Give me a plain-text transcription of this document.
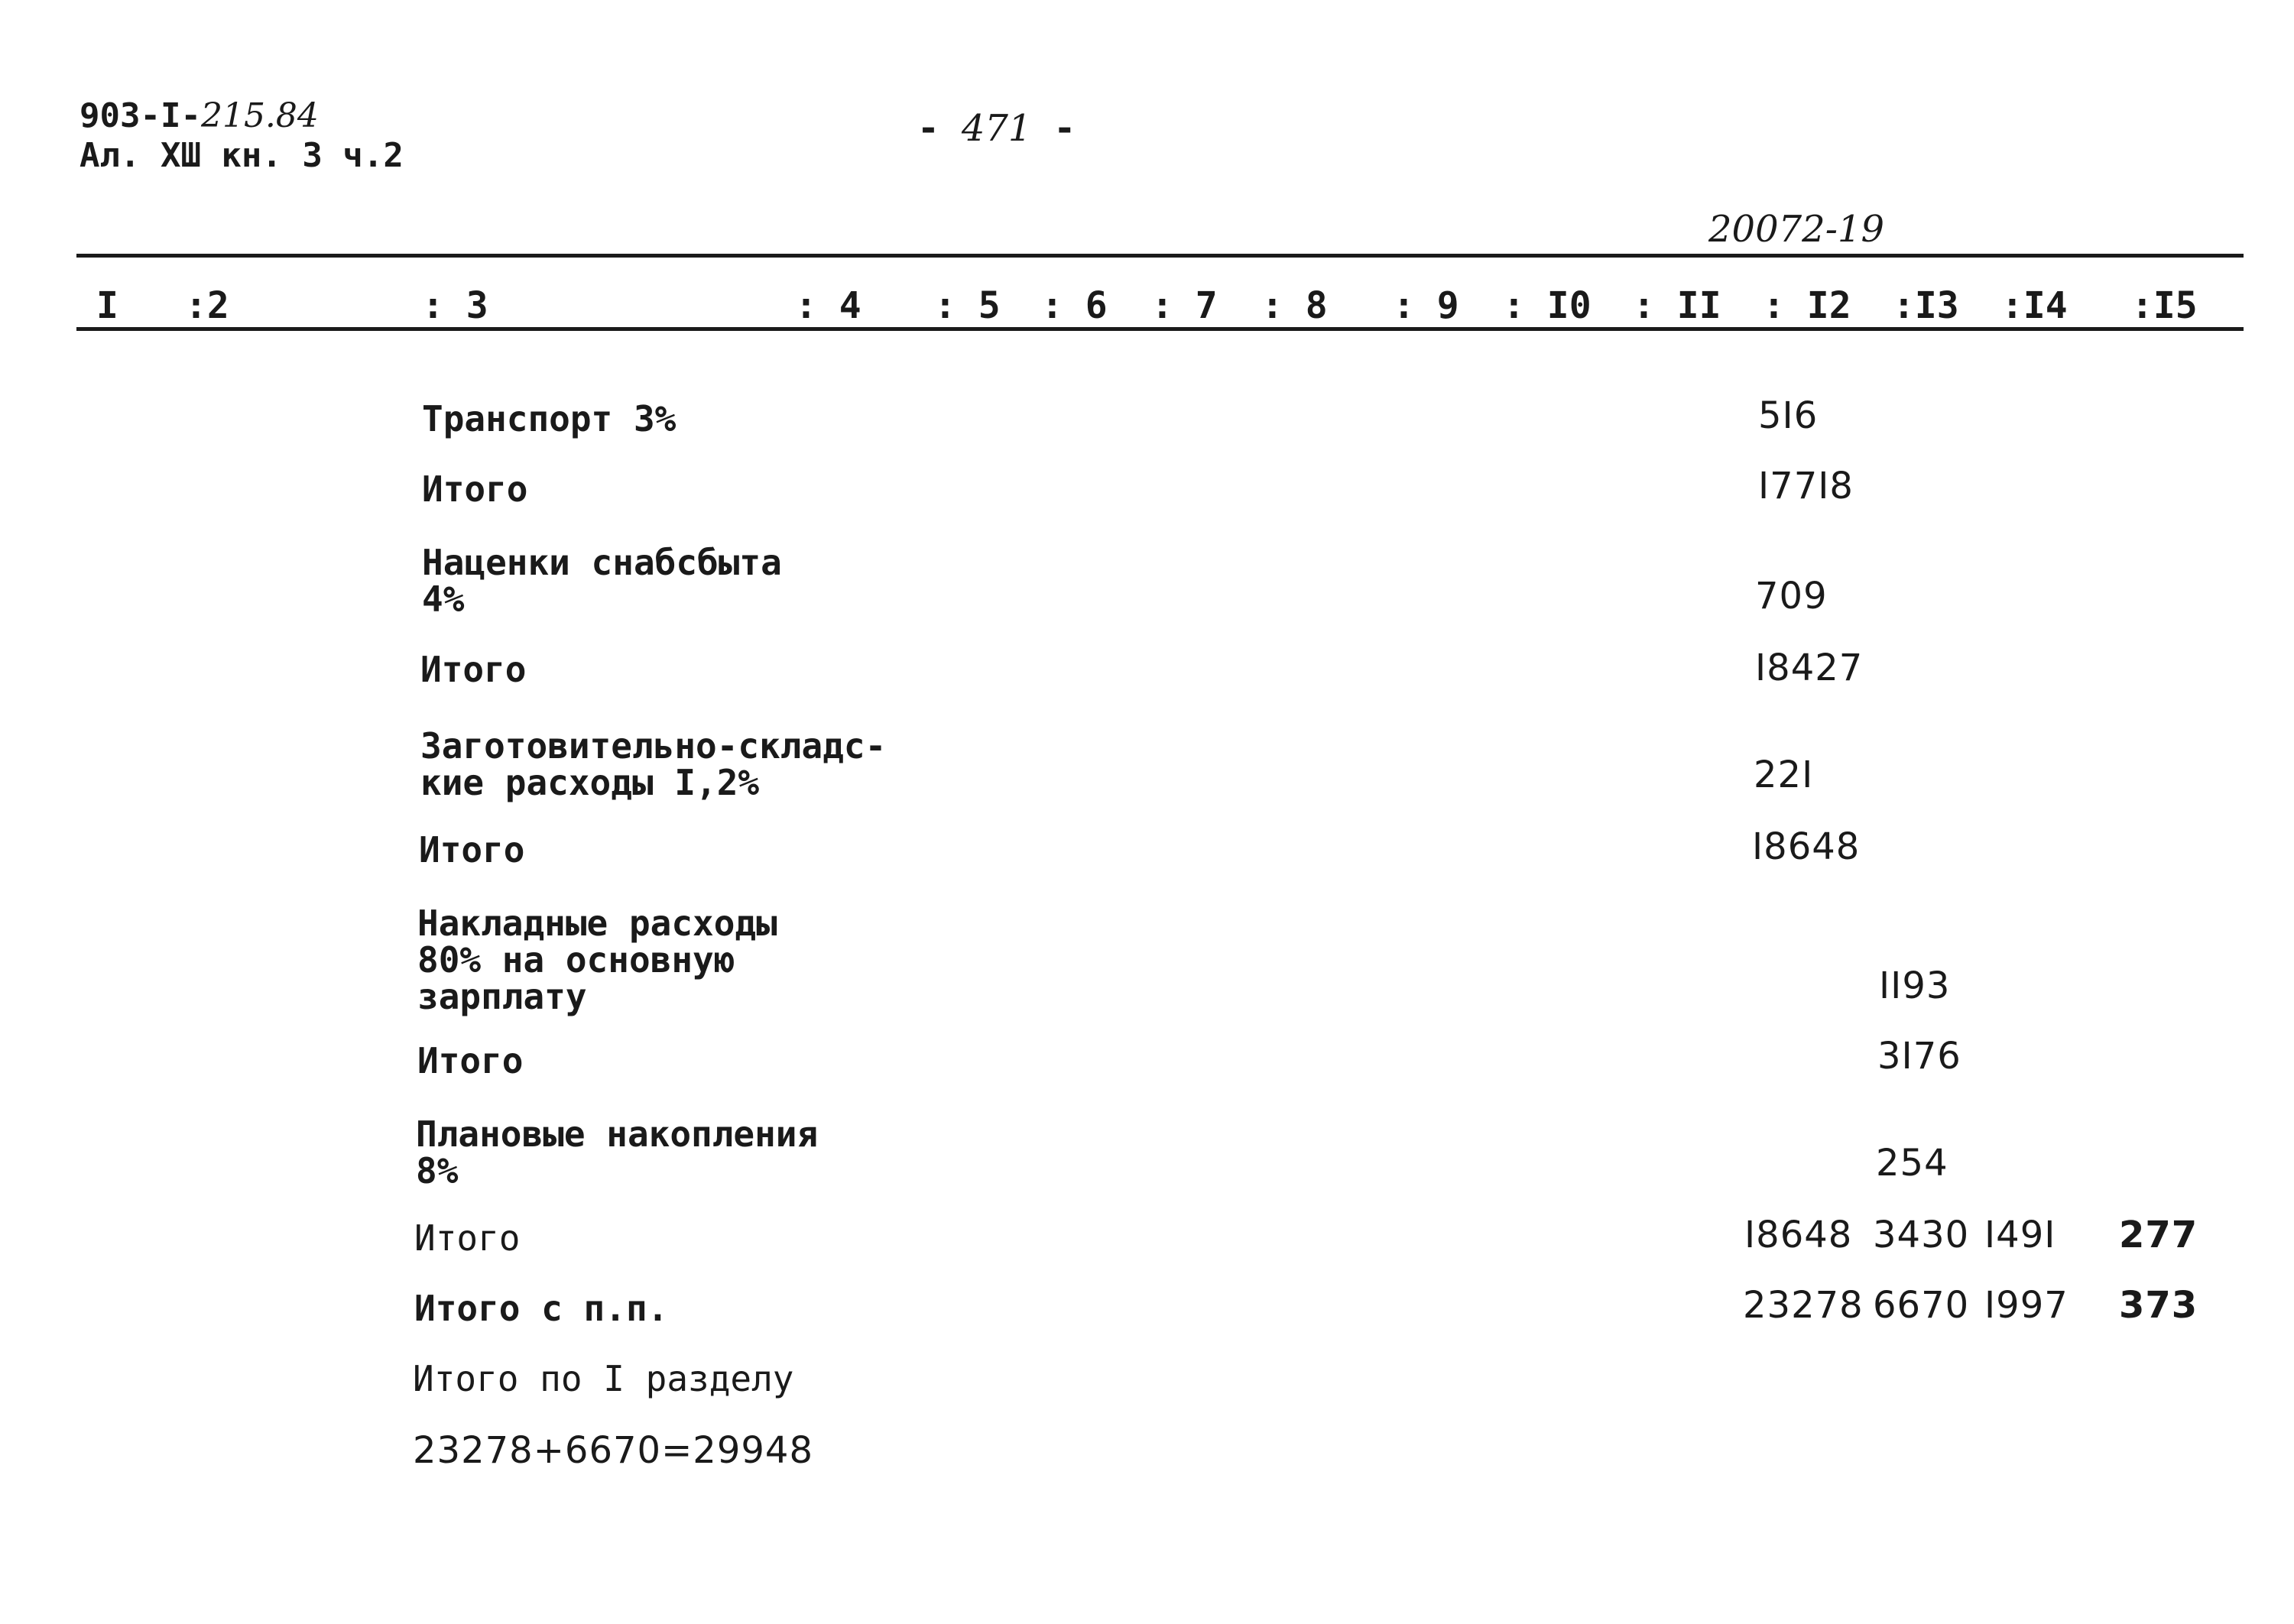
903-I-215.84
Ал. ХШ кн. 3 ч.2
- 471 -
20072-19
I :2	: 3	: 4 : 5 : 6 : 7 : 8 : 9 : I0 : II : I2 :I3 :I4 :I5
Транспорт 3%	5I6
Итого	I77I8
Наценки снабсбыта
4%	709
Итого	I8427
Заготовительно-складс-
кие расходы I,2%	22I
Итого	I8648
Накладные расходы
80% на основную
зарплату	II93
Итого	3I76
Плановые накопления
8%	254
Итого	I8648 3430 I49I 277
Итого с п.п.	23278 6670 I997 373
Итого по I разделу
23278+6670=29948
